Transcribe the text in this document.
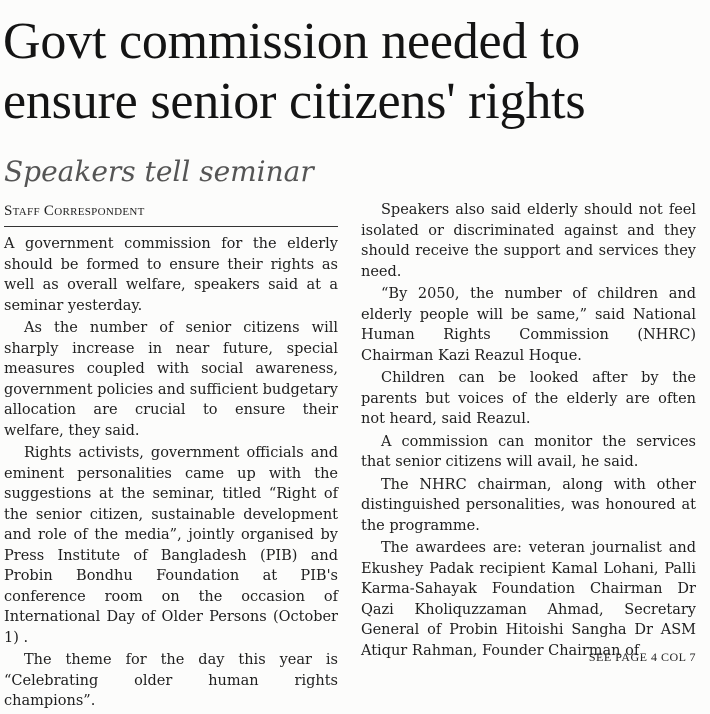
Govt commission needed to ensure senior citizens' rights
Speakers tell seminar
Staff Correspondent

A government commission for the elderly should be formed to ensure their rights as well as overall welfare, speakers said at a seminar yesterday.

As the number of senior citizens will sharply increase in near future, special measures coupled with social awareness, government policies and sufficient budgetary allocation are crucial to ensure their welfare, they said.

Rights activists, government officials and eminent personalities came up with the suggestions at the seminar, titled “Right of the senior citizen, sustainable development and role of the media”, jointly organised by Press Institute of Bangladesh (PIB) and Probin Bondhu Foundation at PIB's conference room on the occasion of International Day of Older Persons (October 1) .

The theme for the day this year is “Celebrating older human rights champions”.

Speakers also said elderly should not feel isolated or discriminated against and they should receive the support and services they need.

“By 2050, the number of children and elderly people will be same,” said National Human Rights Commission (NHRC) Chairman Kazi Reazul Hoque.

Children can be looked after by the parents but voices of the elderly are often not heard, said Reazul.

A commission can monitor the services that senior citizens will avail, he said.

The NHRC chairman, along with other distinguished personalities, was honoured at the programme.

The awardees are: veteran journalist and Ekushey Padak recipient Kamal Lohani, Palli Karma-Sahayak Foundation Chairman Dr Qazi Kholiquzzaman Ahmad, Secretary General of Probin Hitoishi Sangha Dr ASM Atiqur Rahman, Founder Chairman of

SEE PAGE 4 COL 7
